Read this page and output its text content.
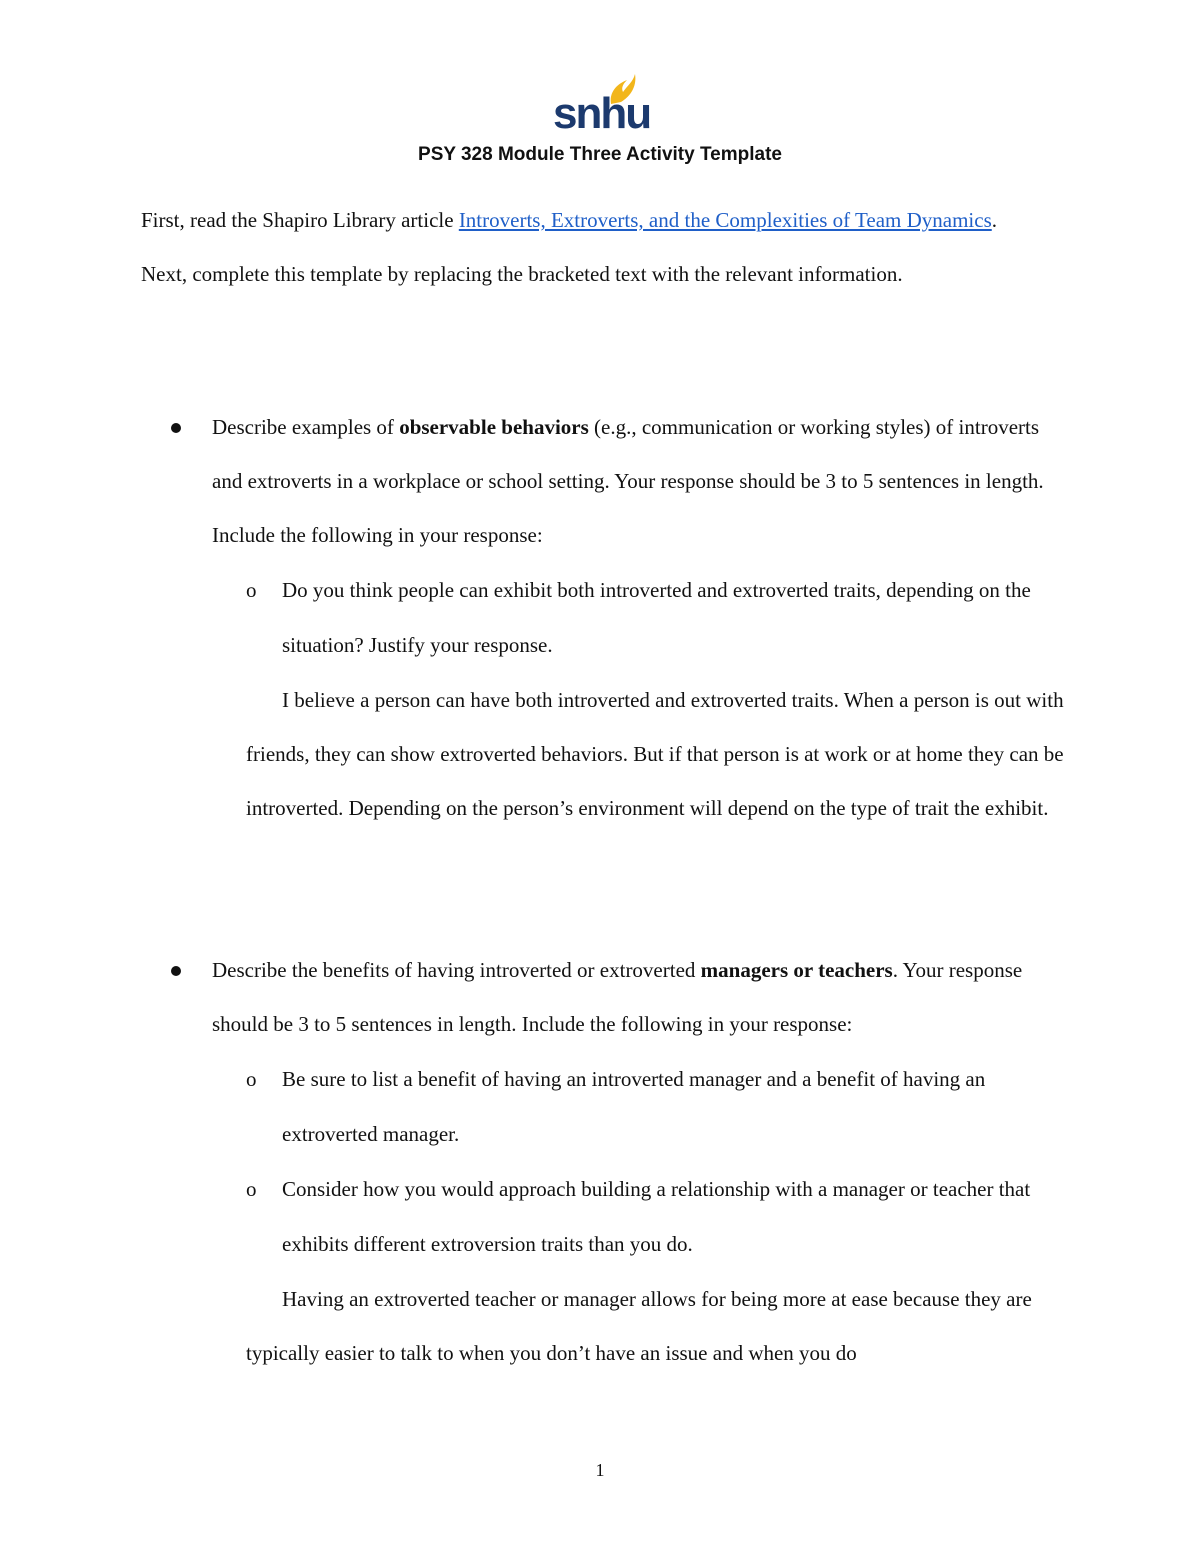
snhu
PSY 328 Module Three Activity Template
First, read the Shapiro Library article Introverts, Extroverts, and the Complexities of Team Dynamics. Next, complete this template by replacing the bracketed text with the relevant information.
Describe examples of observable behaviors (e.g., communication or working styles) of introverts and extroverts in a workplace or school setting. Your response should be 3 to 5 sentences in length. Include the following in your response:
o Do you think people can exhibit both introverted and extroverted traits, depending on the situation? Justify your response.
I believe a person can have both introverted and extroverted traits. When a person is out with friends, they can show extroverted behaviors. But if that person is at work or at home they can be introverted. Depending on the person’s environment will depend on the type of trait the exhibit.
Describe the benefits of having introverted or extroverted managers or teachers. Your response should be 3 to 5 sentences in length. Include the following in your response:
o Be sure to list a benefit of having an introverted manager and a benefit of having an extroverted manager.
o Consider how you would approach building a relationship with a manager or teacher that exhibits different extroversion traits than you do.
Having an extroverted teacher or manager allows for being more at ease because they are typically easier to talk to when you don’t have an issue and when you do
1
